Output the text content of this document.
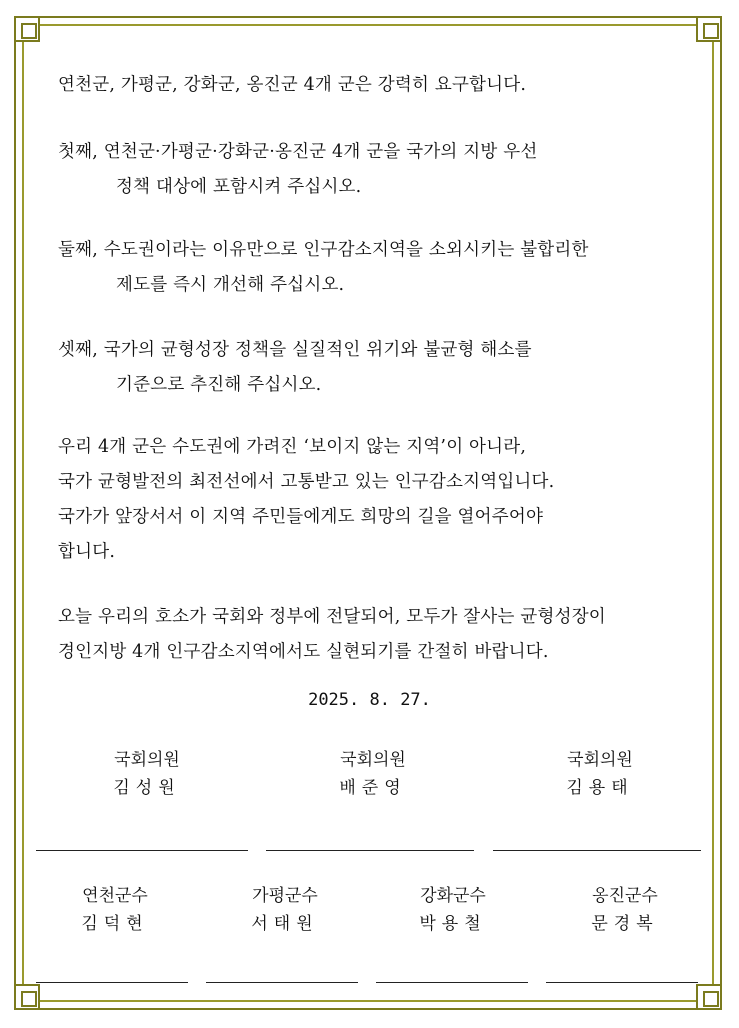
연천군, 가평군, 강화군, 옹진군 4개 군은 강력히 요구합니다.
첫째, 연천군·가평군·강화군·옹진군 4개 군을 국가의 지방 우선
정책 대상에 포함시켜 주십시오.
둘째, 수도권이라는 이유만으로 인구감소지역을 소외시키는 불합리한
제도를 즉시 개선해 주십시오.
셋째, 국가의 균형성장 정책을 실질적인 위기와 불균형 해소를
기준으로 추진해 주십시오.
우리 4개 군은 수도권에 가려진 ‘보이지 않는 지역’이 아니라,
국가 균형발전의 최전선에서 고통받고 있는 인구감소지역입니다.
국가가 앞장서서 이 지역 주민들에게도 희망의 길을 열어주어야
합니다.
오늘 우리의 호소가 국회와 정부에 전달되어, 모두가 잘사는 균형성장이
경인지방 4개 인구감소지역에서도 실현되기를 간절히 바랍니다.
2025. 8. 27.
국회의원
김성원
국회의원
배준영
국회의원
김용태
연천군수
김덕현
가평군수
서태원
강화군수
박용철
옹진군수
문경복
